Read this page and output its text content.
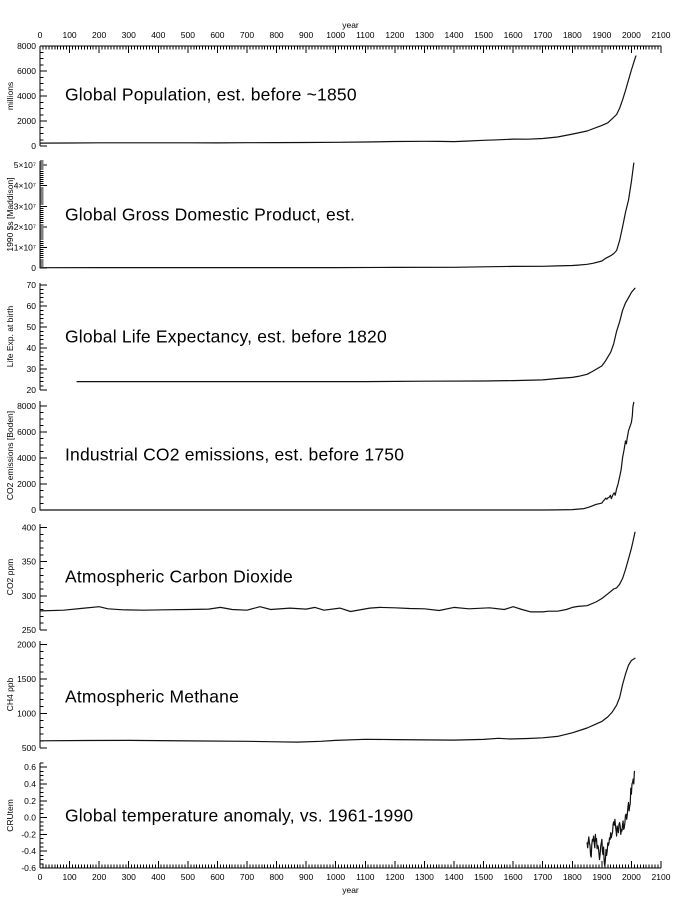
0 100 200 300 400 500 600 700 800 900 1000 1100 1200 1300 1400 1500 1600 1700 1800 1900 2000 2100
year
0 100 200 300 400 500 600 700 800 900 1000 1100 1200 1300 1400 1500 1600 1700 1800 1900 2000 2100
year
0
2000
4000
6000
8000
millions
0
1×10⁷
2×10⁷
3×10⁷
4×10⁷
5×10⁷
1990 $s [Maddison]
20
30
40
50
60
70
Life Exp. at birth
0
2000
4000
6000
8000
CO2 emissions [Boden]
250
300
350
400
CO2 ppm
500
1000
1500
2000
CH4 ppb
-0.6
-0.4
-0.2
0.0
0.2
0.4
0.6
CRUtem
Global Population, est. before ~1850
Global Gross Domestic Product, est.
Global Life Expectancy, est. before 1820
Industrial CO2 emissions, est. before 1750
Atmospheric Carbon Dioxide
Atmospheric Methane
Global temperature anomaly, vs. 1961-1990
